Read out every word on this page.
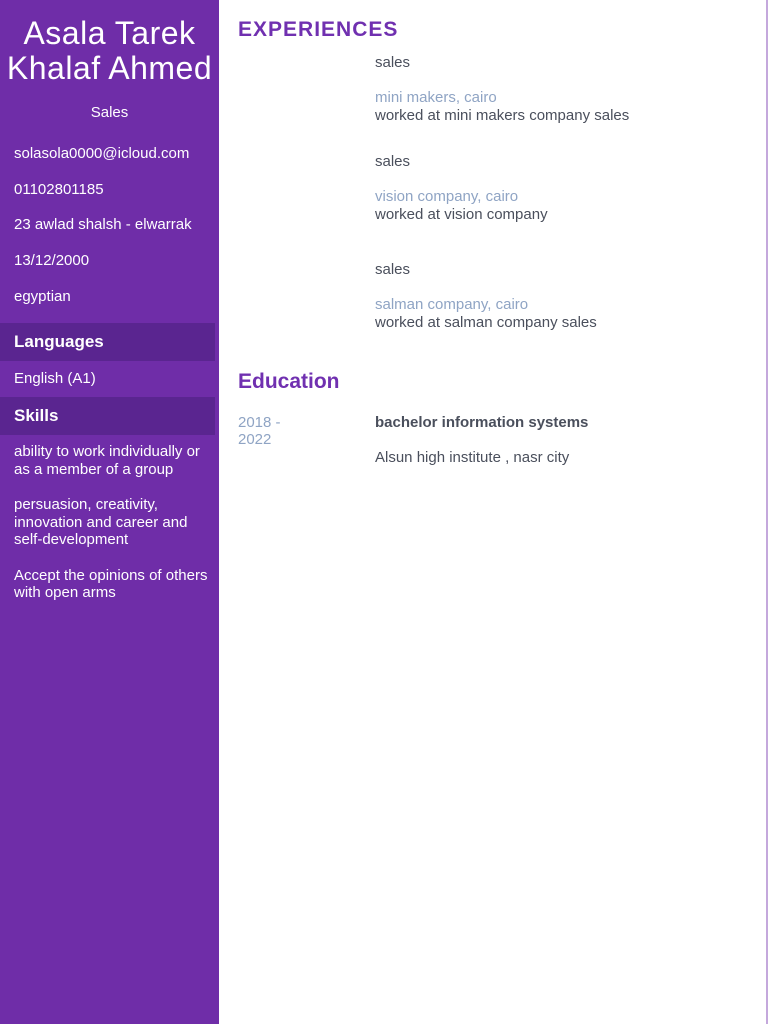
Asala Tarek Khalaf Ahmed
Sales
solasola0000@icloud.com
01102801185
23 awlad shalsh - elwarrak
13/12/2000
egyptian
Languages
English (A1)
Skills
ability to work individually or as a member of a group
persuasion, creativity, innovation and career and self-development
Accept the opinions of others with open arms
EXPERIENCES
sales
mini makers, cairo
worked at mini makers company sales
sales
vision company, cairo
worked at vision company
sales
salman company, cairo
worked at salman company sales
Education
2018 - 2022
bachelor information systems
Alsun high institute , nasr city
